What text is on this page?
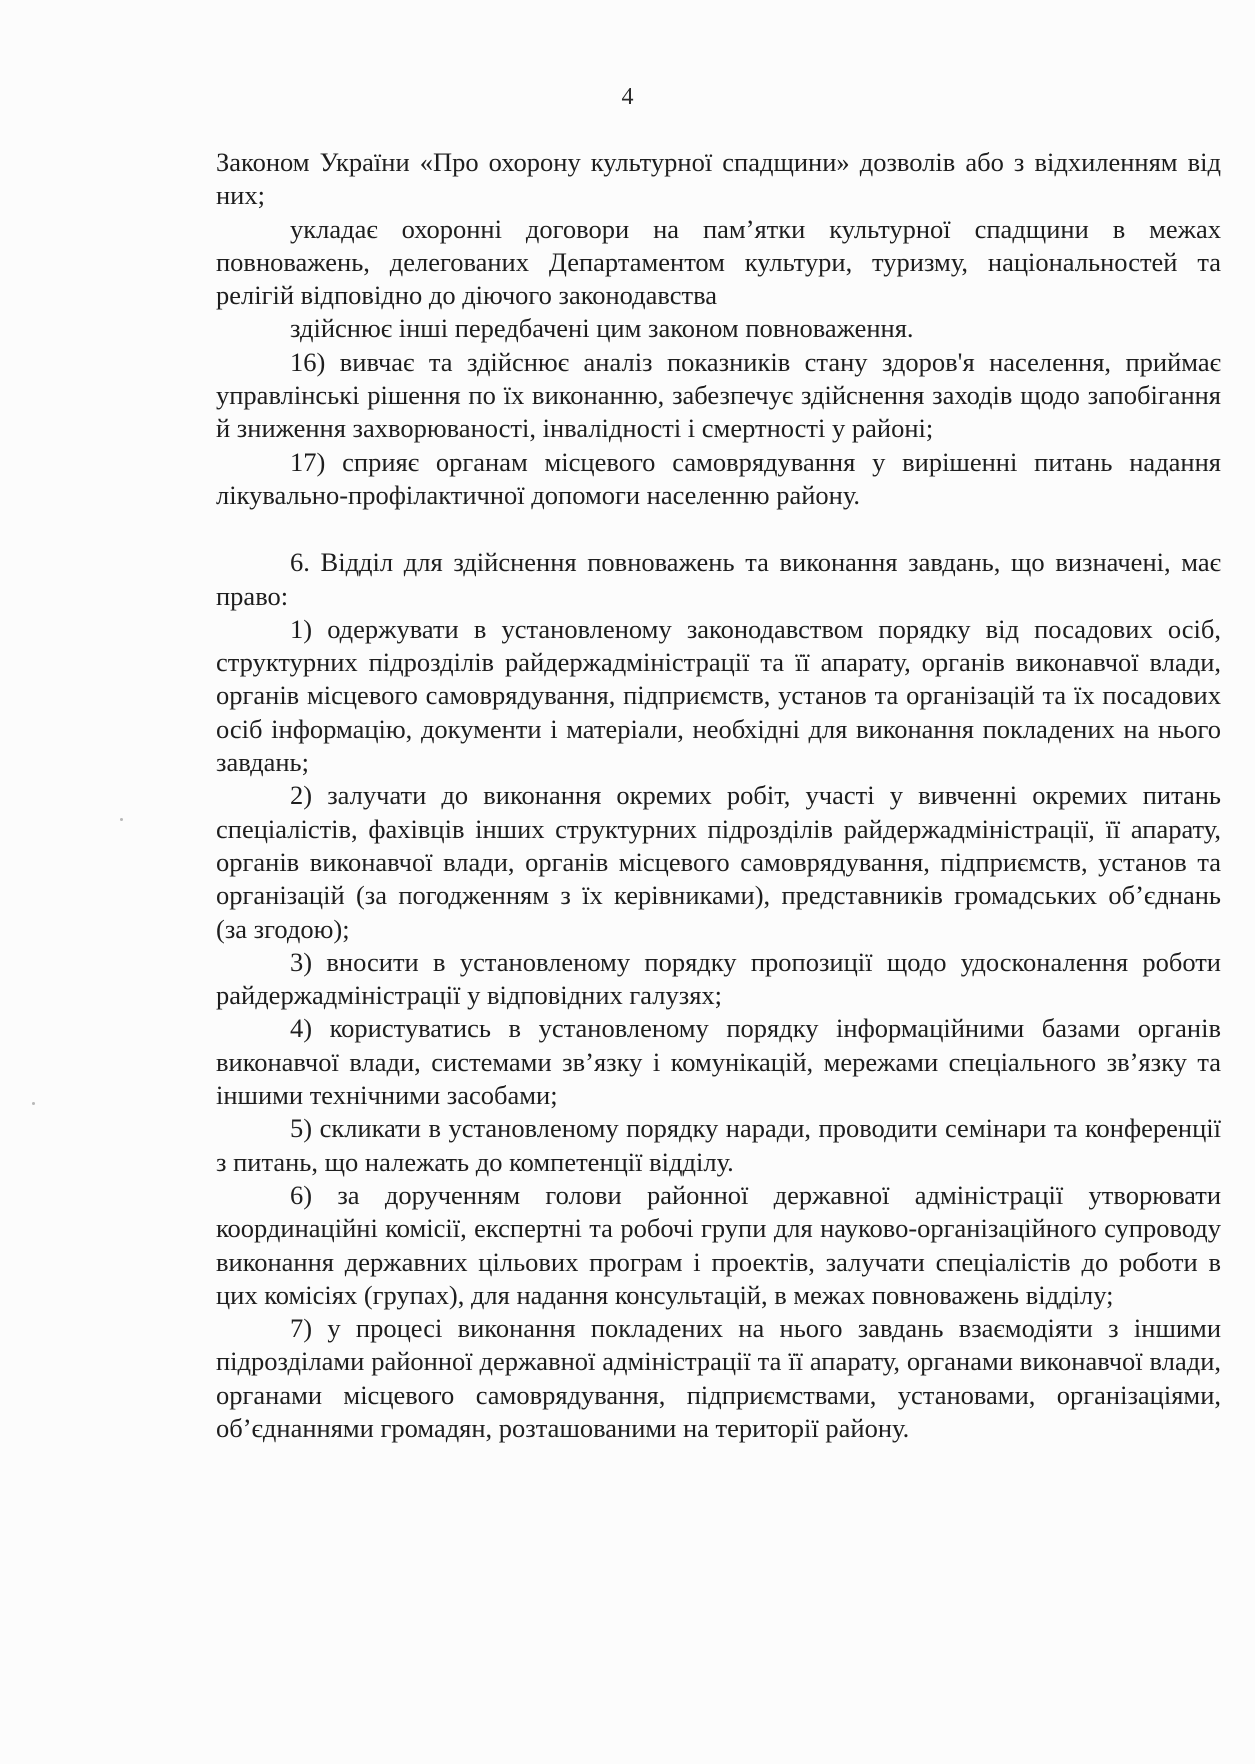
4

Законом України «Про охорону культурної спадщини» дозволів або з відхиленням від них;

укладає охоронні договори на пам’ятки культурної спадщини в межах повноважень, делегованих Департаментом культури, туризму, національностей та релігій відповідно до діючого законодавства

здійснює інші передбачені цим законом повноваження.

16) вивчає та здійснює аналіз показників стану здоров'я населення, приймає управлінські рішення по їх виконанню, забезпечує здійснення заходів щодо запобігання й зниження захворюваності, інвалідності і смертності у районі;

17) сприяє органам місцевого самоврядування у вирішенні питань надання лікувально-профілактичної допомоги населенню району.

6. Відділ для здійснення повноважень та виконання завдань, що визначені, має право:

1) одержувати в установленому законодавством порядку від посадових осіб, структурних підрозділів райдержадміністрації та її апарату, органів виконавчої влади, органів місцевого самоврядування, підприємств, установ та організацій та їх посадових осіб інформацію, документи і матеріали, необхідні для виконання покладених на нього завдань;

2) залучати до виконання окремих робіт, участі у вивченні окремих питань спеціалістів, фахівців інших структурних підрозділів райдержадміністрації, її апарату, органів виконавчої влади, органів місцевого самоврядування, підприємств, установ та організацій (за погодженням з їх керівниками), представників громадських об’єднань (за згодою);

3) вносити в установленому порядку пропозиції щодо удосконалення роботи райдержадміністрації у відповідних галузях;

4) користуватись в установленому порядку інформаційними базами органів виконавчої влади, системами зв’язку і комунікацій, мережами спеціального зв’язку та іншими технічними засобами;

5) скликати в установленому порядку наради, проводити семінари та конференції з питань, що належать до компетенції відділу.

6) за дорученням голови районної державної адміністрації утворювати координаційні комісії, експертні та робочі групи для науково-організаційного супроводу виконання державних цільових програм і проектів, залучати спеціалістів до роботи в цих комісіях (групах), для надання консультацій, в межах повноважень відділу;

7) у процесі виконання покладених на нього завдань взаємодіяти з іншими підрозділами районної державної адміністрації та її апарату, органами виконавчої влади, органами місцевого самоврядування, підприємствами, установами, організаціями, об’єднаннями громадян, розташованими на території району.
